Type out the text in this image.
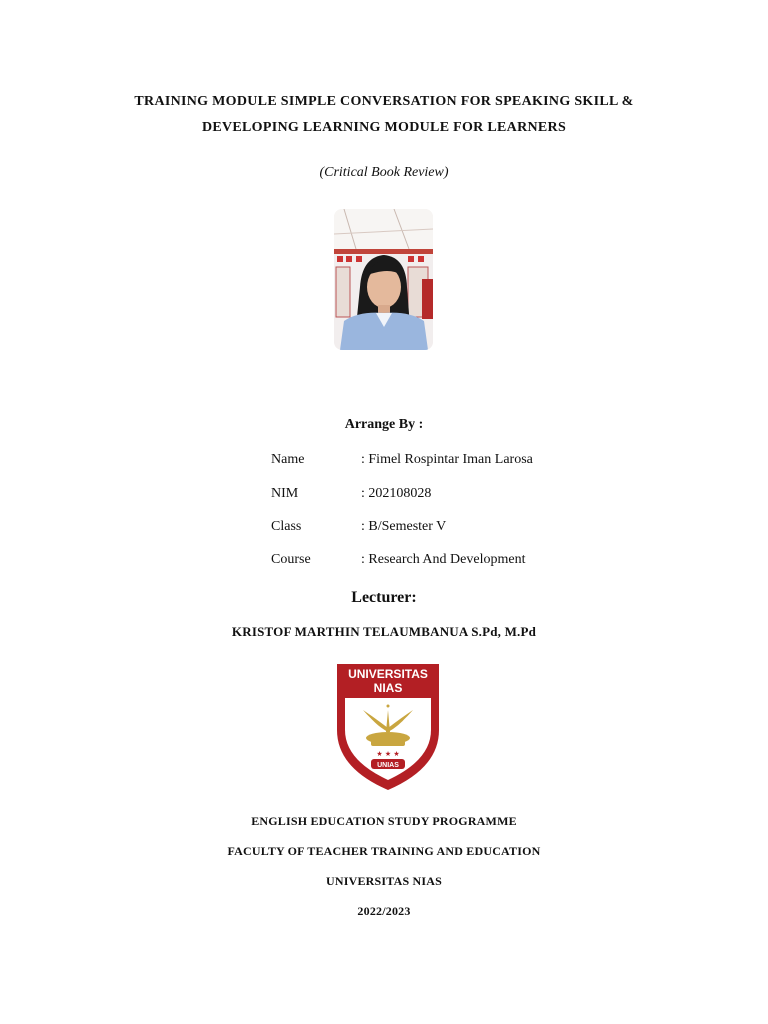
TRAINING MODULE SIMPLE CONVERSATION FOR SPEAKING SKILL &
DEVELOPING LEARNING MODULE FOR LEARNERS
(Critical Book Review)
Arrange By :
Name	: Fimel Rospintar Iman Larosa
NIM	: 202108028
Class	: B/Semester V
Course	: Research And Development
Lecturer:
KRISTOF MARTHIN TELAUMBANUA S.Pd, M.Pd
UNIVERSITAS
NIAS
★ ★ ★
UNIAS
ENGLISH EDUCATION STUDY PROGRAMME
FACULTY OF TEACHER TRAINING AND EDUCATION
UNIVERSITAS NIAS
2022/2023
